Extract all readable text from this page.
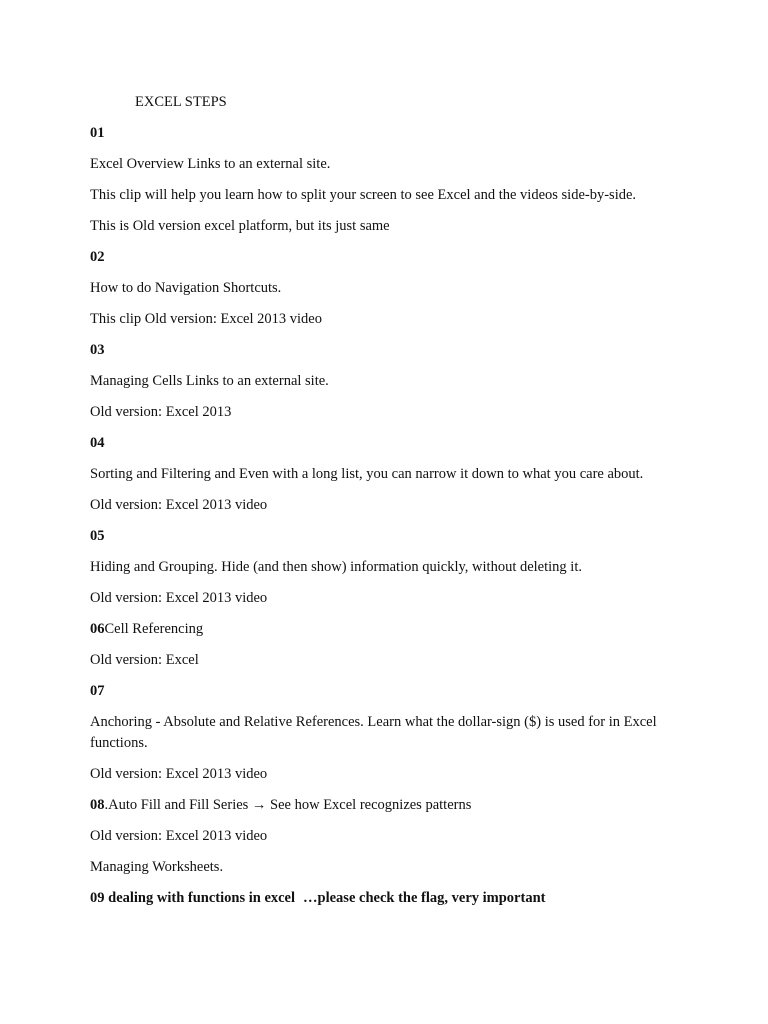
EXCEL STEPS
01
Excel Overview Links to an external site.
This clip will help you learn how to split your screen to see Excel and the videos side-by-side.
This is Old version excel platform, but its just same
02
How to do Navigation Shortcuts.
This clip Old version: Excel 2013 video
03
Managing Cells Links to an external site.
Old version: Excel 2013
04
Sorting and Filtering and Even with a long list, you can narrow it down to what you care about.
Old version: Excel 2013 video
05
Hiding and Grouping. Hide (and then show) information quickly, without deleting it.
Old version: Excel 2013 video
06Cell Referencing
Old version: Excel
07
Anchoring - Absolute and Relative References. Learn what the dollar-sign ($) is used for in Excel functions.
Old version: Excel 2013 video
08.Auto Fill and Fill Series → See how Excel recognizes patterns
Old version: Excel 2013 video
Managing Worksheets.
09 dealing with functions in excel …please check the flag, very important
